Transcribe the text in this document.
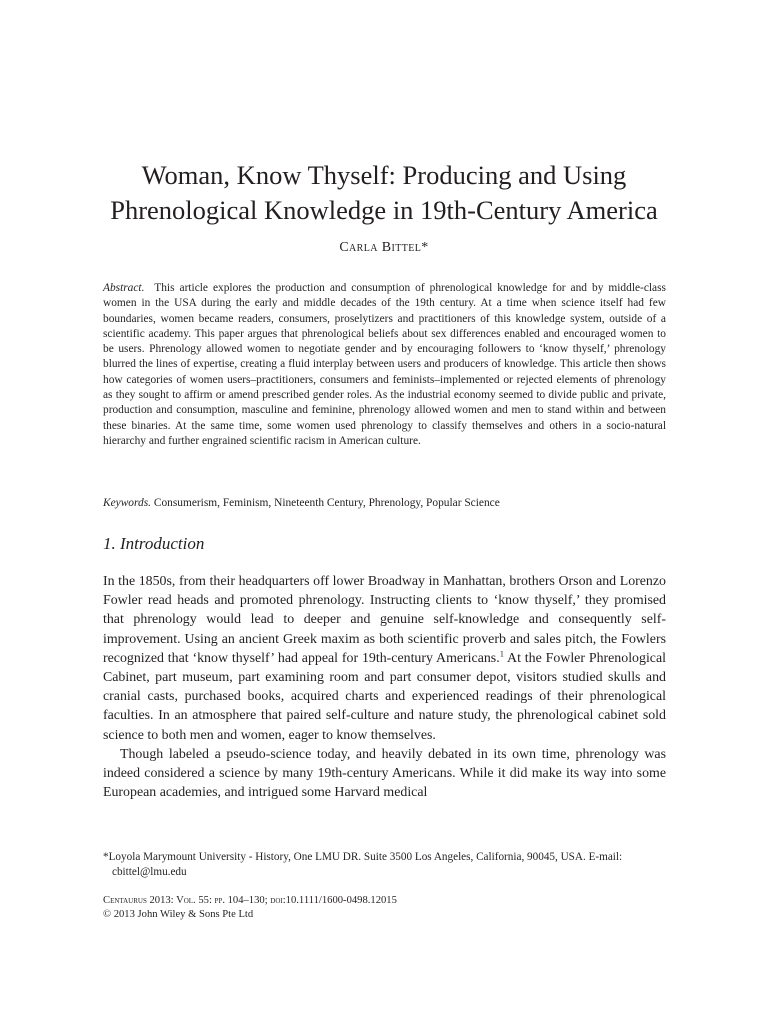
Woman, Know Thyself: Producing and Using
Phrenological Knowledge in 19th-Century America
Carla Bittel*

Abstract. This article explores the production and consumption of phrenological knowledge for and by middle-class women in the USA during the early and middle decades of the 19th century. At a time when science itself had few boundaries, women became readers, consumers, proselytizers and practitioners of this knowledge system, outside of a scientific academy. This paper argues that phrenological beliefs about sex differences enabled and encouraged women to be users. Phrenology allowed women to negotiate gender and by encouraging followers to ‘know thyself,’ phrenology blurred the lines of expertise, creating a fluid interplay between users and producers of knowledge. This article then shows how categories of women users–practitioners, consumers and feminists–implemented or rejected elements of phrenology as they sought to affirm or amend prescribed gender roles. As the industrial economy seemed to divide public and private, production and consumption, masculine and feminine, phrenology allowed women and men to stand within and between these binaries. At the same time, some women used phrenology to classify themselves and others in a socio-natural hierarchy and further engrained scientific racism in American culture.

Keywords. Consumerism, Feminism, Nineteenth Century, Phrenology, Popular Science

1. Introduction

In the 1850s, from their headquarters off lower Broadway in Manhattan, brothers Orson and Lorenzo Fowler read heads and promoted phrenology. Instructing clients to ‘know thyself,’ they promised that phrenology would lead to deeper and genuine self-knowledge and consequently self-improvement. Using an ancient Greek maxim as both scientific proverb and sales pitch, the Fowlers recognized that ‘know thyself’ had appeal for 19th-century Americans.$^1$ At the Fowler Phrenological Cabinet, part museum, part examining room and part consumer depot, visitors studied skulls and cranial casts, purchased books, acquired charts and experienced readings of their phrenological faculties. In an atmosphere that paired self-culture and nature study, the phrenological cabinet sold science to both men and women, eager to know themselves.

Though labeled a pseudo-science today, and heavily debated in its own time, phrenology was indeed considered a science by many 19th-century Americans. While it did make its way into some European academies, and intrigued some Harvard medical

*Loyola Marymount University - History, One LMU DR. Suite 3500 Los Angeles, California, 90045, USA. E-mail: cbittel@lmu.edu

Centaurus 2013: Vol. 55: pp. 104–130; doi:10.1111/1600-0498.12015
© 2013 John Wiley & Sons Pte Ltd
